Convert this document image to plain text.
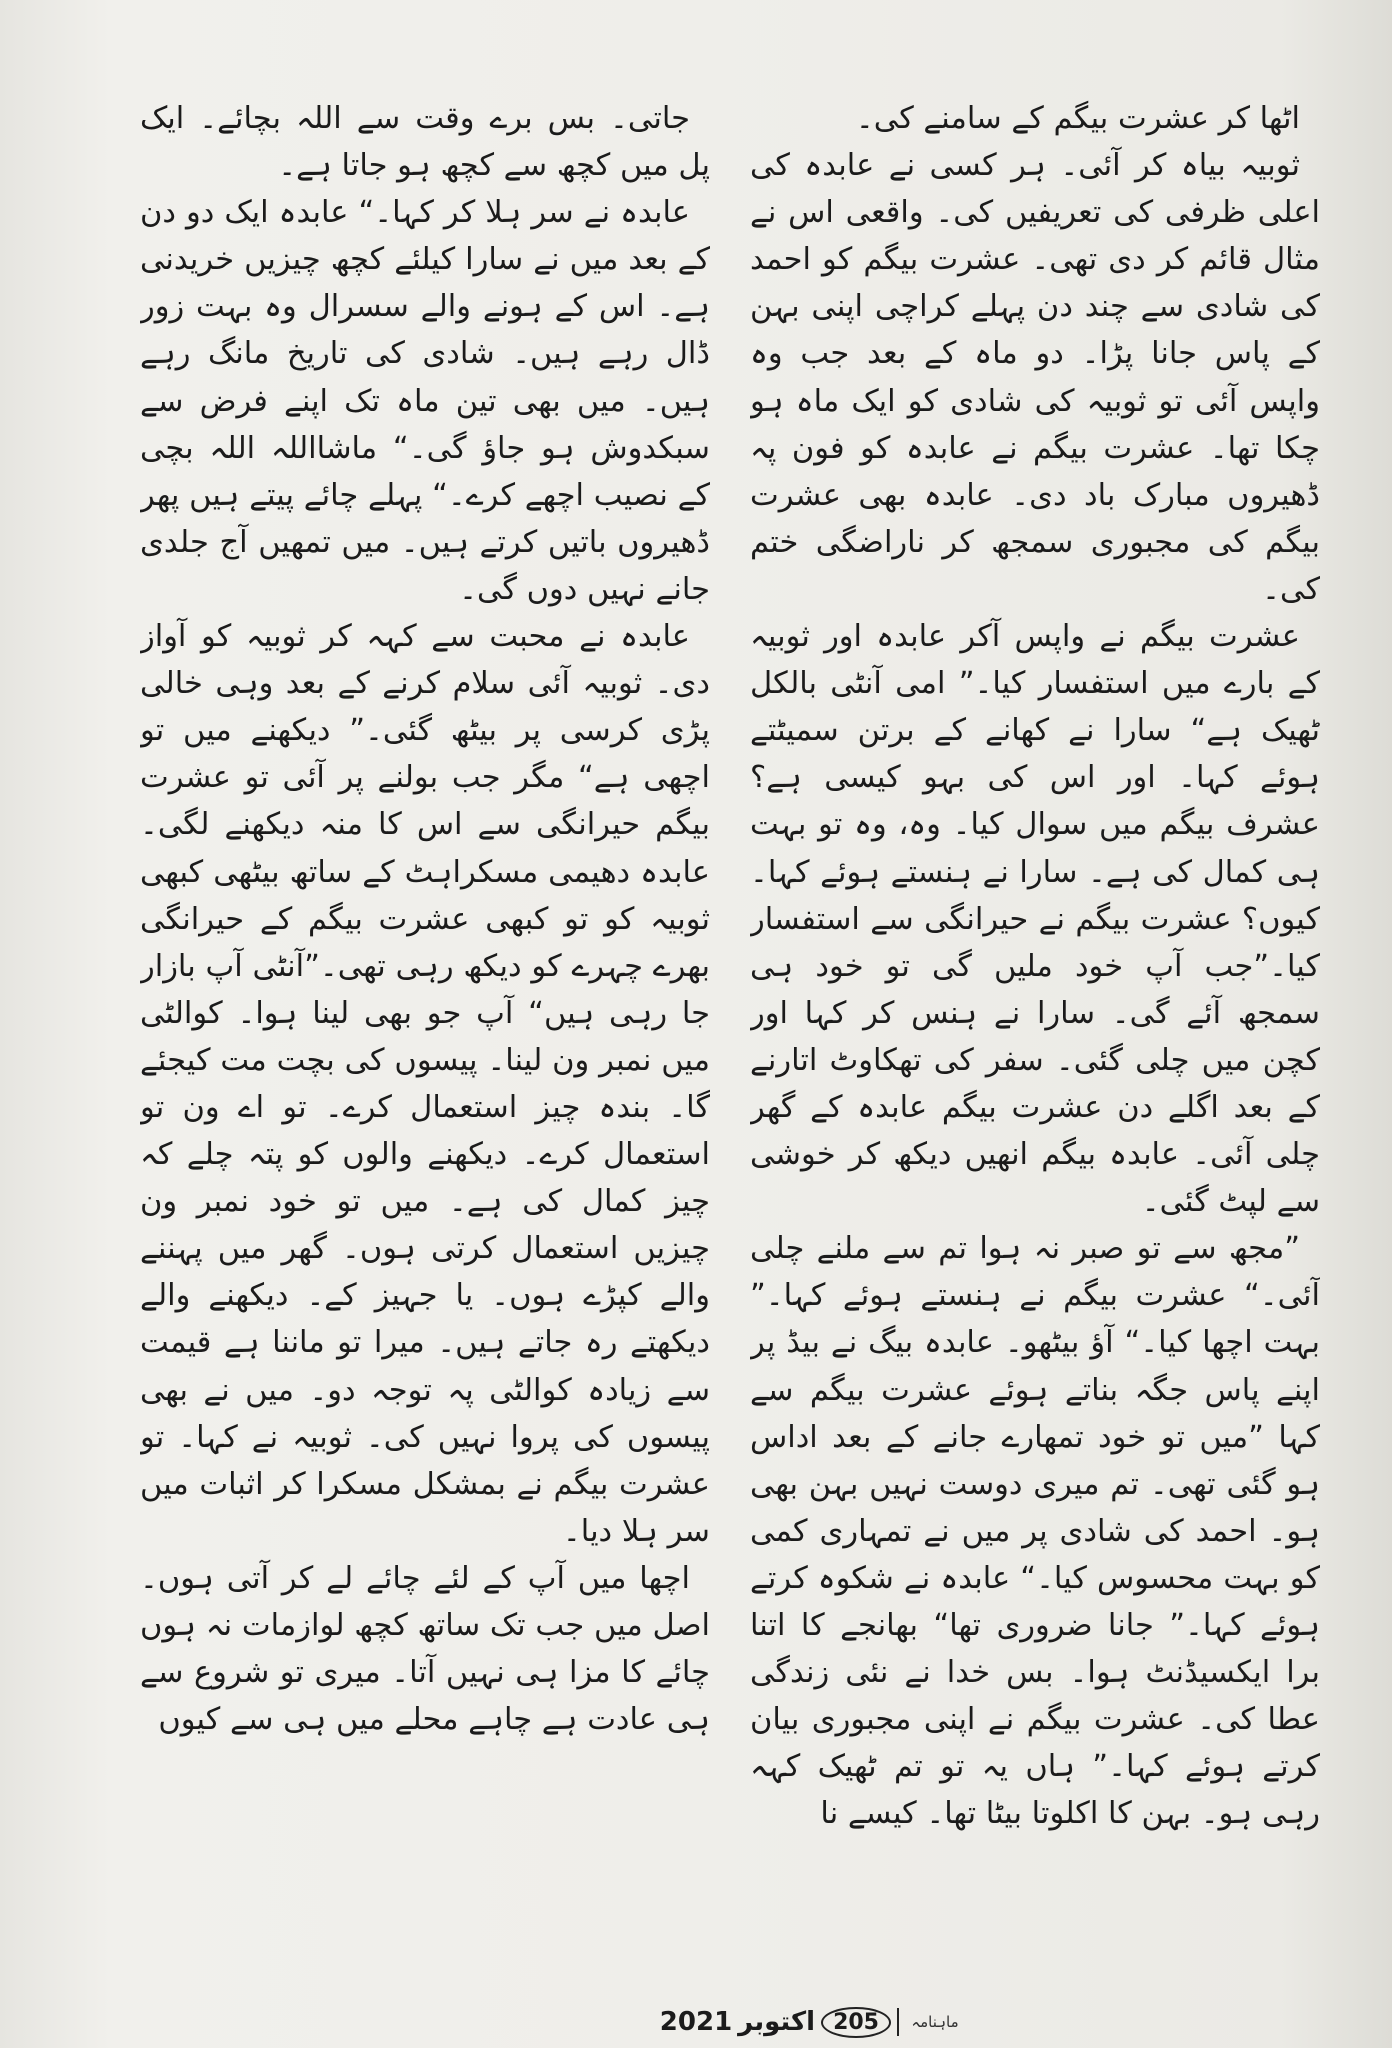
اٹھا کر عشرت بیگم کے سامنے کی۔

ثوبیہ بیاہ کر آئی۔ ہر کسی نے عابدہ کی اعلی ظرفی کی تعریفیں کی۔ واقعی اس نے مثال قائم کر دی تھی۔ عشرت بیگم کو احمد کی شادی سے چند دن پہلے کراچی اپنی بہن کے پاس جانا پڑا۔ دو ماہ کے بعد جب وہ واپس آئی تو ثوبیہ کی شادی کو ایک ماہ ہو چکا تھا۔ عشرت بیگم نے عابدہ کو فون پہ ڈھیروں مبارک باد دی۔ عابدہ بھی عشرت بیگم کی مجبوری سمجھ کر ناراضگی ختم کی۔

عشرت بیگم نے واپس آکر عابدہ اور ثوبیہ کے بارے میں استفسار کیا۔” امی آنٹی بالکل ٹھیک ہے“ سارا نے کھانے کے برتن سمیٹتے ہوئے کہا۔ اور اس کی بہو کیسی ہے؟ عشرف بیگم میں سوال کیا۔ وہ، وہ تو بہت ہی کمال کی ہے۔ سارا نے ہنستے ہوئے کہا۔ کیوں؟ عشرت بیگم نے حیرانگی سے استفسار کیا۔”جب آپ خود ملیں گی تو خود ہی سمجھ آئے گی۔ سارا نے ہنس کر کہا اور کچن میں چلی گئی۔ سفر کی تھکاوٹ اتارنے کے بعد اگلے دن عشرت بیگم عابدہ کے گھر چلی آئی۔ عابدہ بیگم انھیں دیکھ کر خوشی سے لپٹ گئی۔

”مجھ سے تو صبر نہ ہوا تم سے ملنے چلی آئی۔“ عشرت بیگم نے ہنستے ہوئے کہا۔” بہت اچھا کیا۔“ آؤ بیٹھو۔ عابدہ بیگ نے بیڈ پر اپنے پاس جگہ بناتے ہوئے عشرت بیگم سے کہا ”میں تو خود تمھارے جانے کے بعد اداس ہو گئی تھی۔ تم میری دوست نہیں بہن بھی ہو۔ احمد کی شادی پر میں نے تمہاری کمی کو بہت محسوس کیا۔“ عابدہ نے شکوہ کرتے ہوئے کہا۔” جانا ضروری تھا“ بھانجے کا اتنا برا ایکسیڈنٹ ہوا۔ بس خدا نے نئی زندگی عطا کی۔ عشرت بیگم نے اپنی مجبوری بیان کرتے ہوئے کہا۔” ہاں یہ تو تم ٹھیک کہہ رہی ہو۔ بہن کا اکلوتا بیٹا تھا۔ کیسے نا

جاتی۔ بس برے وقت سے اللہ بچائے۔ ایک پل میں کچھ سے کچھ ہو جاتا ہے۔

عابدہ نے سر ہلا کر کہا۔“ عابدہ ایک دو دن کے بعد میں نے سارا کیلئے کچھ چیزیں خریدنی ہے۔ اس کے ہونے والے سسرال وہ بہت زور ڈال رہے ہیں۔ شادی کی تاریخ مانگ رہے ہیں۔ میں بھی تین ماہ تک اپنے فرض سے سبکدوش ہو جاؤ گی۔“ ماشااللہ اللہ بچی کے نصیب اچھے کرے۔“ پہلے چائے پیتے ہیں پھر ڈھیروں باتیں کرتے ہیں۔ میں تمھیں آج جلدی جانے نہیں دوں گی۔

عابدہ نے محبت سے کہہ کر ثوبیہ کو آواز دی۔ ثوبیہ آئی سلام کرنے کے بعد وہی خالی پڑی کرسی پر بیٹھ گئی۔” دیکھنے میں تو اچھی ہے“ مگر جب بولنے پر آئی تو عشرت بیگم حیرانگی سے اس کا منہ دیکھنے لگی۔ عابدہ دھیمی مسکراہٹ کے ساتھ بیٹھی کبھی ثوبیہ کو تو کبھی عشرت بیگم کے حیرانگی بھرے چہرے کو دیکھ رہی تھی۔”آنٹی آپ بازار جا رہی ہیں“ آپ جو بھی لینا ہوا۔ کوالٹی میں نمبر ون لینا۔ پیسوں کی بچت مت کیجئے گا۔ بندہ چیز استعمال کرے۔ تو اے ون تو استعمال کرے۔ دیکھنے والوں کو پتہ چلے کہ چیز کمال کی ہے۔ میں تو خود نمبر ون چیزیں استعمال کرتی ہوں۔ گھر میں پہننے والے کپڑے ہوں۔ یا جہیز کے۔ دیکھنے والے دیکھتے رہ جاتے ہیں۔ میرا تو ماننا ہے قیمت سے زیادہ کوالٹی پہ توجہ دو۔ میں نے بھی پیسوں کی پروا نہیں کی۔ ثوبیہ نے کہا۔ تو عشرت بیگم نے بمشکل مسکرا کر اثبات میں سر ہلا دیا۔

اچھا میں آپ کے لئے چائے لے کر آتی ہوں۔ اصل میں جب تک ساتھ کچھ لوازمات نہ ہوں چائے کا مزا ہی نہیں آتا۔ میری تو شروع سے ہی عادت ہے چاہے محلے میں ہی سے کیوں

ماہنامہ
205
اکتوبر
2021
